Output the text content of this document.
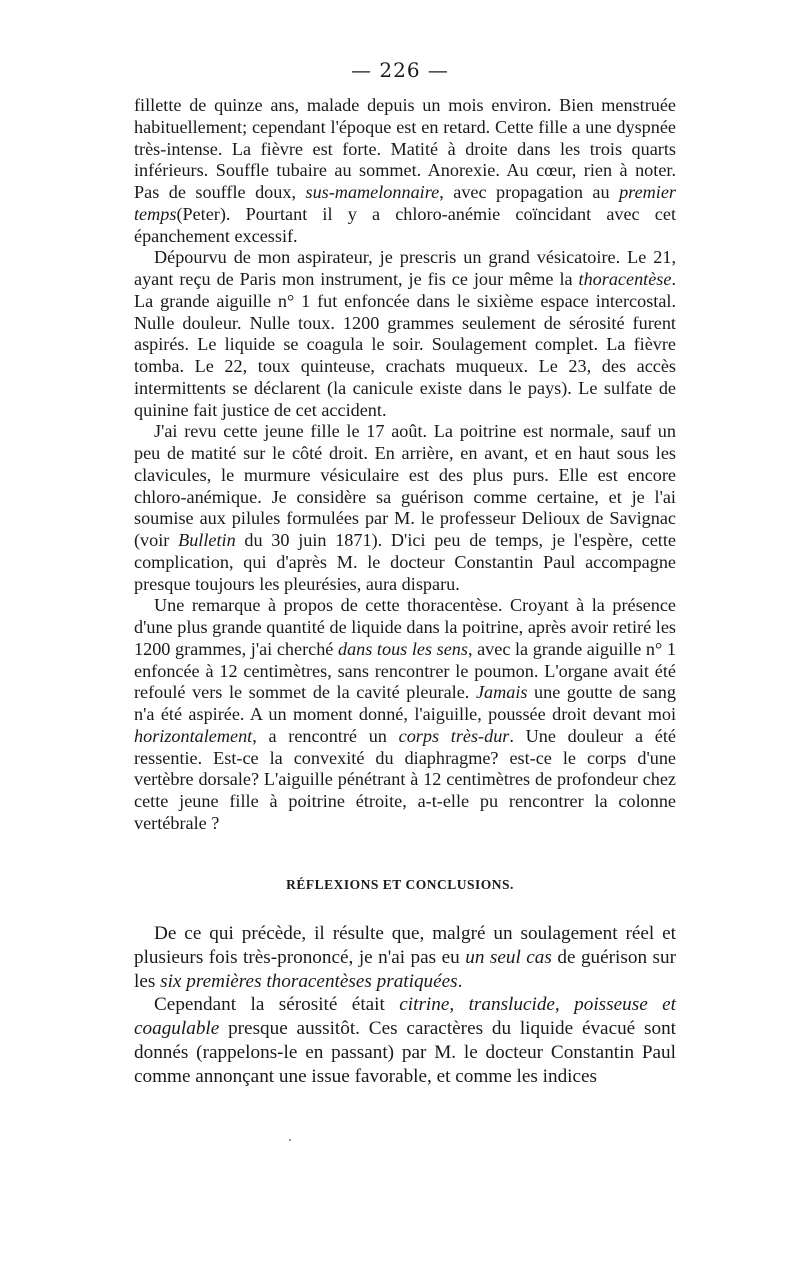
— 226 —

fillette de quinze ans, malade depuis un mois environ. Bien menstruée habituellement; cependant l'époque est en retard. Cette fille a une dyspnée très-intense. La fièvre est forte. Matité à droite dans les trois quarts inférieurs. Souffle tubaire au sommet. Anorexie. Au cœur, rien à noter. Pas de souffle doux, sus-mamelonnaire, avec propagation au premier temps(Peter). Pourtant il y a chloro-anémie coïncidant avec cet épanchement excessif.

Dépourvu de mon aspirateur, je prescris un grand vésicatoire. Le 21, ayant reçu de Paris mon instrument, je fis ce jour même la thoracentèse. La grande aiguille n° 1 fut enfoncée dans le sixième espace intercostal. Nulle douleur. Nulle toux. 1200 grammes seulement de sérosité furent aspirés. Le liquide se coagula le soir. Soulagement complet. La fièvre tomba. Le 22, toux quinteuse, crachats muqueux. Le 23, des accès intermittents se déclarent (la canicule existe dans le pays). Le sulfate de quinine fait justice de cet accident.

J'ai revu cette jeune fille le 17 août. La poitrine est normale, sauf un peu de matité sur le côté droit. En arrière, en avant, et en haut sous les clavicules, le murmure vésiculaire est des plus purs. Elle est encore chloro-anémique. Je considère sa guérison comme certaine, et je l'ai soumise aux pilules formulées par M. le professeur Delioux de Savignac (voir Bulletin du 30 juin 1871). D'ici peu de temps, je l'espère, cette complication, qui d'après M. le docteur Constantin Paul accompagne presque toujours les pleurésies, aura disparu.

Une remarque à propos de cette thoracentèse. Croyant à la présence d'une plus grande quantité de liquide dans la poitrine, après avoir retiré les 1200 grammes, j'ai cherché dans tous les sens, avec la grande aiguille n° 1 enfoncée à 12 centimètres, sans rencontrer le poumon. L'organe avait été refoulé vers le sommet de la cavité pleurale. Jamais une goutte de sang n'a été aspirée. A un moment donné, l'aiguille, poussée droit devant moi horizontalement, a rencontré un corps très-dur. Une douleur a été ressentie. Est-ce la convexité du diaphragme? est-ce le corps d'une vertèbre dorsale? L'aiguille pénétrant à 12 centimètres de profondeur chez cette jeune fille à poitrine étroite, a-t-elle pu rencontrer la colonne vertébrale ?

RÉFLEXIONS ET CONCLUSIONS.

De ce qui précède, il résulte que, malgré un soulagement réel et plusieurs fois très-prononcé, je n'ai pas eu un seul cas de guérison sur les six premières thoracentèses pratiquées.

Cependant la sérosité était citrine, translucide, poisseuse et coagulable presque aussitôt. Ces caractères du liquide évacué sont donnés (rappelons-le en passant) par M. le docteur Constantin Paul comme annonçant une issue favorable, et comme les indices
